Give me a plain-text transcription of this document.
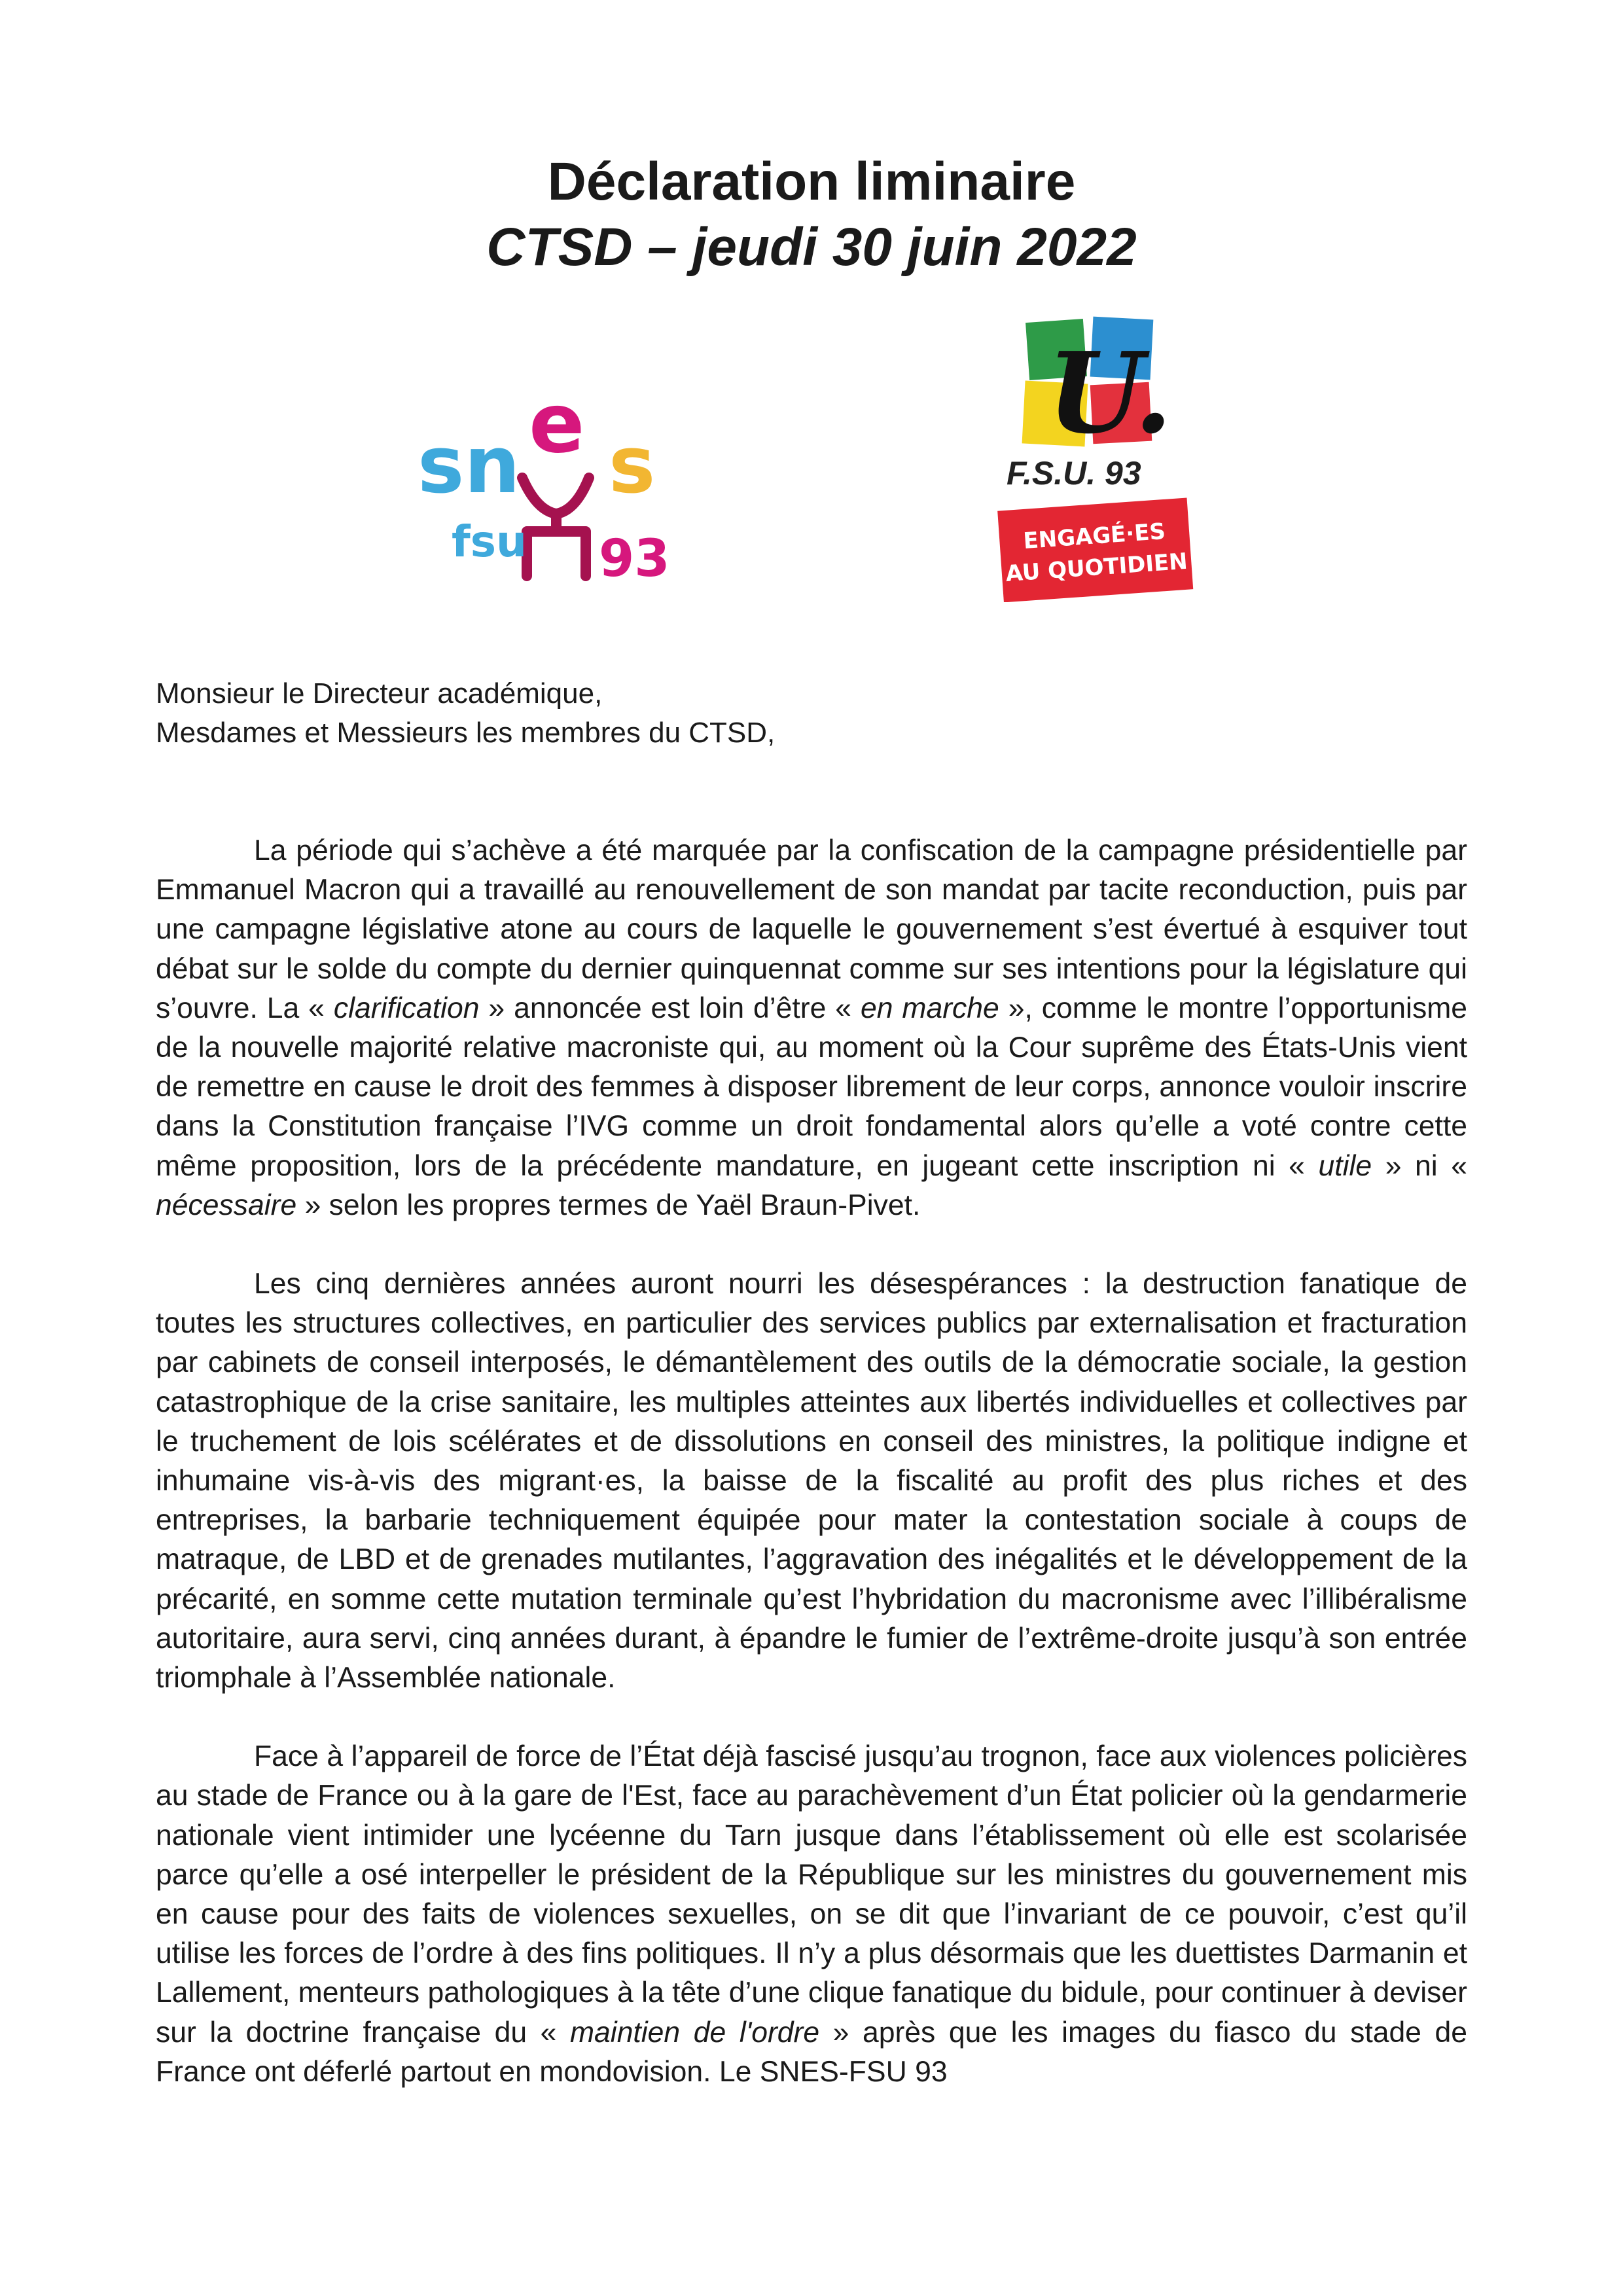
Déclaration liminaire
CTSD – jeudi 30 juin 2022
sn e s
fsu 93
U.
F.S.U. 93
ENGAGÉ·ES
AU QUOTIDIEN
Monsieur le Directeur académique,
Mesdames et Messieurs les membres du CTSD,

La période qui s’achève a été marquée par la confiscation de la campagne présidentielle par Emmanuel Macron qui a travaillé au renouvellement de son mandat par tacite reconduction, puis par une campagne législative atone au cours de laquelle le gouvernement s’est évertué à esquiver tout débat sur le solde du compte du dernier quinquennat comme sur ses intentions pour la législature qui s’ouvre. La « clarification » annoncée est loin d’être « en marche », comme le montre l’opportunisme de la nouvelle majorité relative macroniste qui, au moment où la Cour suprême des États-Unis vient de remettre en cause le droit des femmes à disposer librement de leur corps, annonce vouloir inscrire dans la Constitution française l’IVG comme un droit fondamental alors qu’elle a voté contre cette même proposition, lors de la précédente mandature, en jugeant cette inscription ni « utile » ni « nécessaire » selon les propres termes de Yaël Braun-Pivet.

Les cinq dernières années auront nourri les désespérances : la destruction fanatique de toutes les structures collectives, en particulier des services publics par externalisation et fracturation par cabinets de conseil interposés, le démantèlement des outils de la démocratie sociale, la gestion catastrophique de la crise sanitaire, les multiples atteintes aux libertés individuelles et collectives par le truchement de lois scélérates et de dissolutions en conseil des ministres, la politique indigne et inhumaine vis-à-vis des migrant·es, la baisse de la fiscalité au profit des plus riches et des entreprises, la barbarie techniquement équipée pour mater la contestation sociale à coups de matraque, de LBD et de grenades mutilantes, l’aggravation des inégalités et le développement de la précarité, en somme cette mutation terminale qu’est l’hybridation du macronisme avec l’illibéralisme autoritaire, aura servi, cinq années durant, à épandre le fumier de l’extrême-droite jusqu’à son entrée triomphale à l’Assemblée nationale.

Face à l’appareil de force de l’État déjà fascisé jusqu’au trognon, face aux violences policières au stade de France ou à la gare de l'Est, face au parachèvement d’un État policier où la gendarmerie nationale vient intimider une lycéenne du Tarn jusque dans l’établissement où elle est scolarisée parce qu’elle a osé interpeller le président de la République sur les ministres du gouvernement mis en cause pour des faits de violences sexuelles, on se dit que l’invariant de ce pouvoir, c’est qu’il utilise les forces de l’ordre à des fins politiques. Il n’y a plus désormais que les duettistes Darmanin et Lallement, menteurs pathologiques à la tête d’une clique fanatique du bidule, pour continuer à deviser sur la doctrine française du « maintien de l'ordre » après que les images du fiasco du stade de France ont déferlé partout en mondovision. Le SNES-FSU 93
